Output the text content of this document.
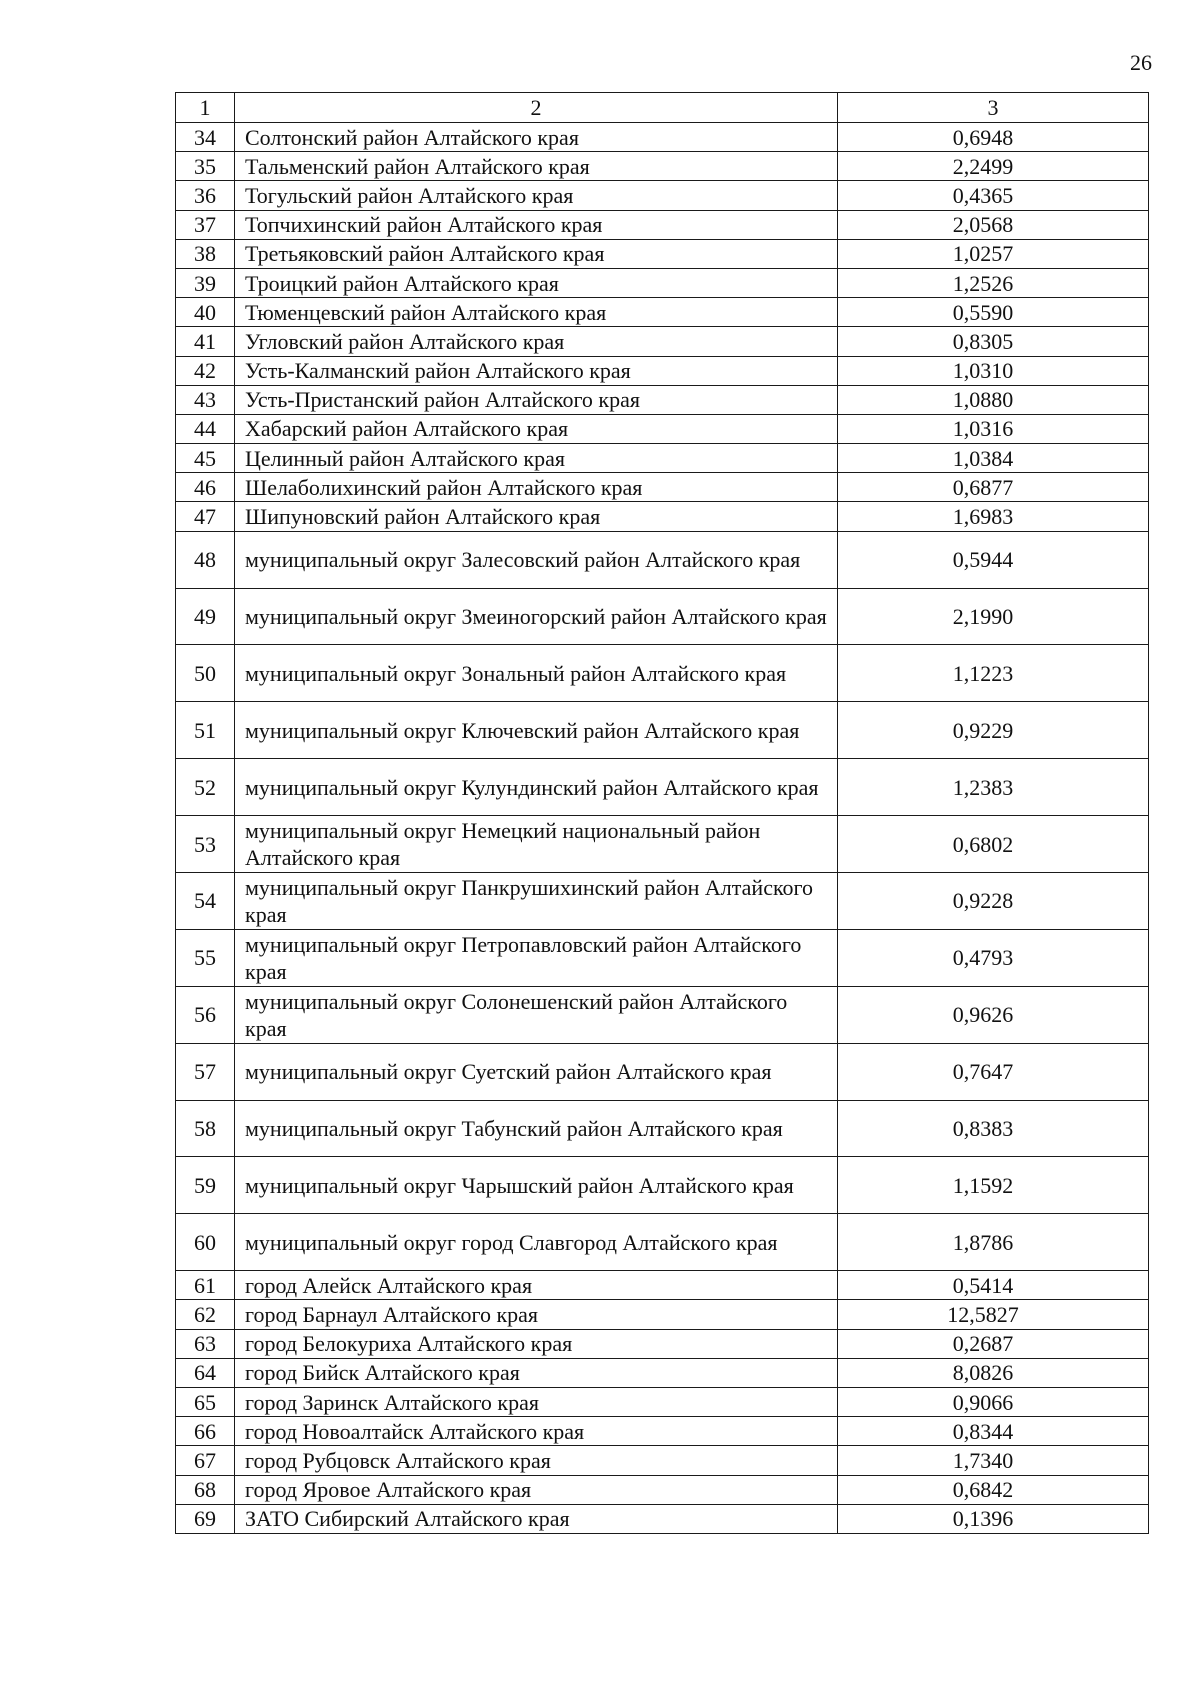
26
1	2	3
34	Солтонский район Алтайского края	0,6948
35	Тальменский район Алтайского края	2,2499
36	Тогульский район Алтайского края	0,4365
37	Топчихинский район Алтайского края	2,0568
38	Третьяковский район Алтайского края	1,0257
39	Троицкий район Алтайского края	1,2526
40	Тюменцевский район Алтайского края	0,5590
41	Угловский район Алтайского края	0,8305
42	Усть-Калманский район Алтайского края	1,0310
43	Усть-Пристанский район Алтайского края	1,0880
44	Хабарский район Алтайского края	1,0316
45	Целинный район Алтайского края	1,0384
46	Шелаболихинский район Алтайского края	0,6877
47	Шипуновский район Алтайского края	1,6983
48	муниципальный округ Залесовский район Алтайского края	0,5944
49	муниципальный округ Змеиногорский район Алтайского края	2,1990
50	муниципальный округ Зональный район Алтайского края	1,1223
51	муниципальный округ Ключевский район Алтайского края	0,9229
52	муниципальный округ Кулундинский район Алтайского края	1,2383
53	муниципальный округ Немецкий национальный район Алтайского края	0,6802
54	муниципальный округ Панкрушихинский район Алтайского края	0,9228
55	муниципальный округ Петропавловский район Алтайского края	0,4793
56	муниципальный округ Солонешенский район Алтайского края	0,9626
57	муниципальный округ Суетский район Алтайского края	0,7647
58	муниципальный округ Табунский район Алтайского края	0,8383
59	муниципальный округ Чарышский район Алтайского края	1,1592
60	муниципальный округ город Славгород Алтайского края	1,8786
61	город Алейск Алтайского края	0,5414
62	город Барнаул Алтайского края	12,5827
63	город Белокуриха Алтайского края	0,2687
64	город Бийск Алтайского края	8,0826
65	город Заринск Алтайского края	0,9066
66	город Новоалтайск Алтайского края	0,8344
67	город Рубцовск Алтайского края	1,7340
68	город Яровое Алтайского края	0,6842
69	ЗАТО Сибирский Алтайского края	0,1396
